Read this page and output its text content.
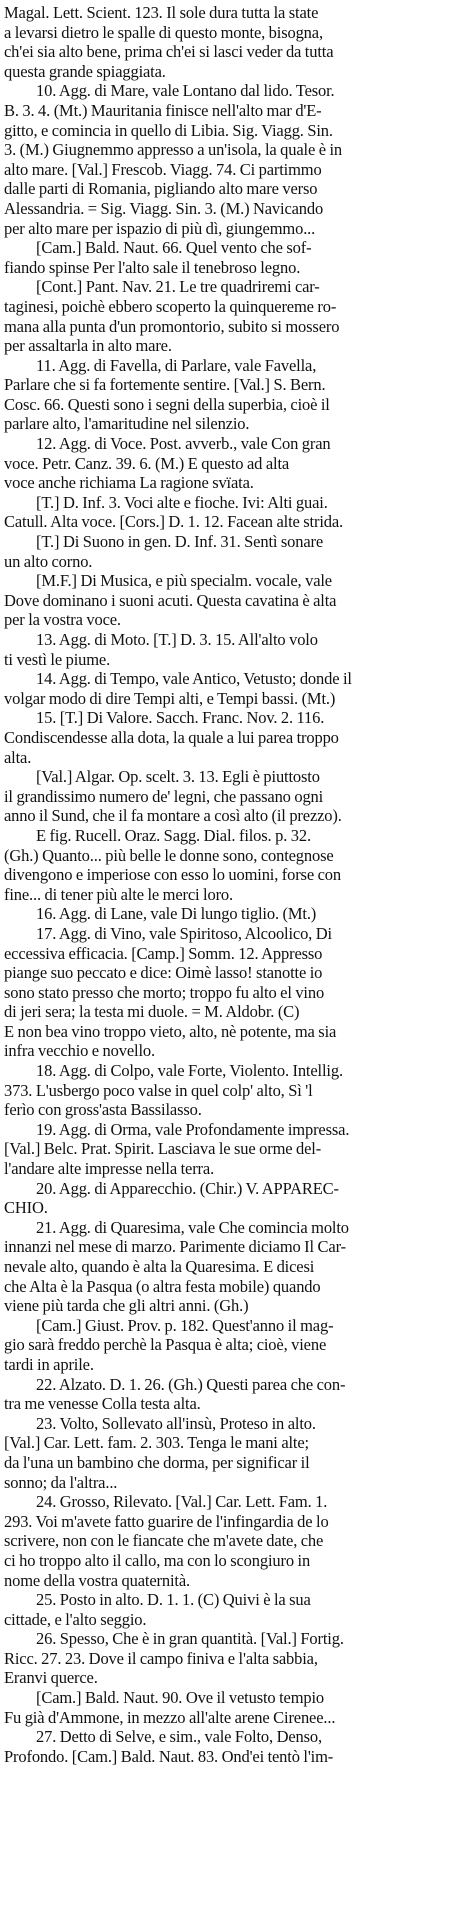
Magal. Lett. Scient. 123. Il sole dura tutta la state
a levarsi dietro le spalle di questo monte, bisogna,
ch'ei sia alto bene, prima ch'ei si lasci veder da tutta
questa grande spiaggiata.
10. Agg. di Mare, vale Lontano dal lido. Tesor.
B. 3. 4. (Mt.) Mauritania finisce nell'alto mar d'E-
gitto, e comincia in quello di Libia. Sig. Viagg. Sin.
3. (M.) Giugnemmo appresso a un'isola, la quale è in
alto mare. [Val.] Frescob. Viagg. 74. Ci partimmo
dalle parti di Romania, pigliando alto mare verso
Alessandria. = Sig. Viagg. Sin. 3. (M.) Navicando
per alto mare per ispazio di più dì, giungemmo...
[Cam.] Bald. Naut. 66. Quel vento che sof-
fiando spinse Per l'alto sale il tenebroso legno.
[Cont.] Pant. Nav. 21. Le tre quadriremi car-
taginesi, poichè ebbero scoperto la quinquereme ro-
mana alla punta d'un promontorio, subito si mossero
per assaltarla in alto mare.
11. Agg. di Favella, di Parlare, vale Favella,
Parlare che si fa fortemente sentire. [Val.] S. Bern.
Cosc. 66. Questi sono i segni della superbia, cioè il
parlare alto, l'amaritudine nel silenzio.
12. Agg. di Voce. Post. avverb., vale Con gran
voce. Petr. Canz. 39. 6. (M.) E questo ad alta
voce anche richiama La ragione svïata.
[T.] D. Inf. 3. Voci alte e fioche. Ivi: Alti guai.
Catull. Alta voce. [Cors.] D. 1. 12. Facean alte strida.
[T.] Di Suono in gen. D. Inf. 31. Sentì sonare
un alto corno.
[M.F.] Di Musica, e più specialm. vocale, vale
Dove dominano i suoni acuti. Questa cavatina è alta
per la vostra voce.
13. Agg. di Moto. [T.] D. 3. 15. All'alto volo
ti vestì le piume.
14. Agg. di Tempo, vale Antico, Vetusto; donde il
volgar modo di dire Tempi alti, e Tempi bassi. (Mt.)
15. [T.] Di Valore. Sacch. Franc. Nov. 2. 116.
Condiscendesse alla dota, la quale a lui parea troppo
alta.
[Val.] Algar. Op. scelt. 3. 13. Egli è piuttosto
il grandissimo numero de' legni, che passano ogni
anno il Sund, che il fa montare a così alto (il prezzo).
E fig. Rucell. Oraz. Sagg. Dial. filos. p. 32.
(Gh.) Quanto... più belle le donne sono, contegnose
divengono e imperiose con esso lo uomini, forse con
fine... di tener più alte le merci loro.
16. Agg. di Lane, vale Di lungo tiglio. (Mt.)
17. Agg. di Vino, vale Spiritoso, Alcoolico, Di
eccessiva efficacia. [Camp.] Somm. 12. Appresso
piange suo peccato e dice: Oimè lasso! stanotte io
sono stato presso che morto; troppo fu alto el vino
di jeri sera; la testa mi duole. = M. Aldobr. (C)
E non bea vino troppo vieto, alto, nè potente, ma sia
infra vecchio e novello.
18. Agg. di Colpo, vale Forte, Violento. Intellig.
373. L'usbergo poco valse in quel colp' alto, Sì 'l
ferìo con gross'asta Bassilasso.
19. Agg. di Orma, vale Profondamente impressa.
[Val.] Belc. Prat. Spirit. Lasciava le sue orme del-
l'andare alte impresse nella terra.
20. Agg. di Apparecchio. (Chir.) V. APPAREC-
CHIO.
21. Agg. di Quaresima, vale Che comincia molto
innanzi nel mese di marzo. Parimente diciamo Il Car-
nevale alto, quando è alta la Quaresima. E dicesi
che Alta è la Pasqua (o altra festa mobile) quando
viene più tarda che gli altri anni. (Gh.)
[Cam.] Giust. Prov. p. 182. Quest'anno il mag-
gio sarà freddo perchè la Pasqua è alta; cioè, viene
tardi in aprile.
22. Alzato. D. 1. 26. (Gh.) Questi parea che con-
tra me venesse Colla testa alta.
23. Volto, Sollevato all'insù, Proteso in alto.
[Val.] Car. Lett. fam. 2. 303. Tenga le mani alte;
da l'una un bambino che dorma, per significar il
sonno; da l'altra...
24. Grosso, Rilevato. [Val.] Car. Lett. Fam. 1.
293. Voi m'avete fatto guarire de l'infingardia de lo
scrivere, non con le fiancate che m'avete date, che
ci ho troppo alto il callo, ma con lo scongiuro in
nome della vostra quaternità.
25. Posto in alto. D. 1. 1. (C) Quivi è la sua
cittade, e l'alto seggio.
26. Spesso, Che è in gran quantità. [Val.] Fortig.
Ricc. 27. 23. Dove il campo finiva e l'alta sabbia,
Eranvi querce.
[Cam.] Bald. Naut. 90. Ove il vetusto tempio
Fu già d'Ammone, in mezzo all'alte arene Cirenee...
27. Detto di Selve, e sim., vale Folto, Denso,
Profondo. [Cam.] Bald. Naut. 83. Ond'ei tentò l'im-
